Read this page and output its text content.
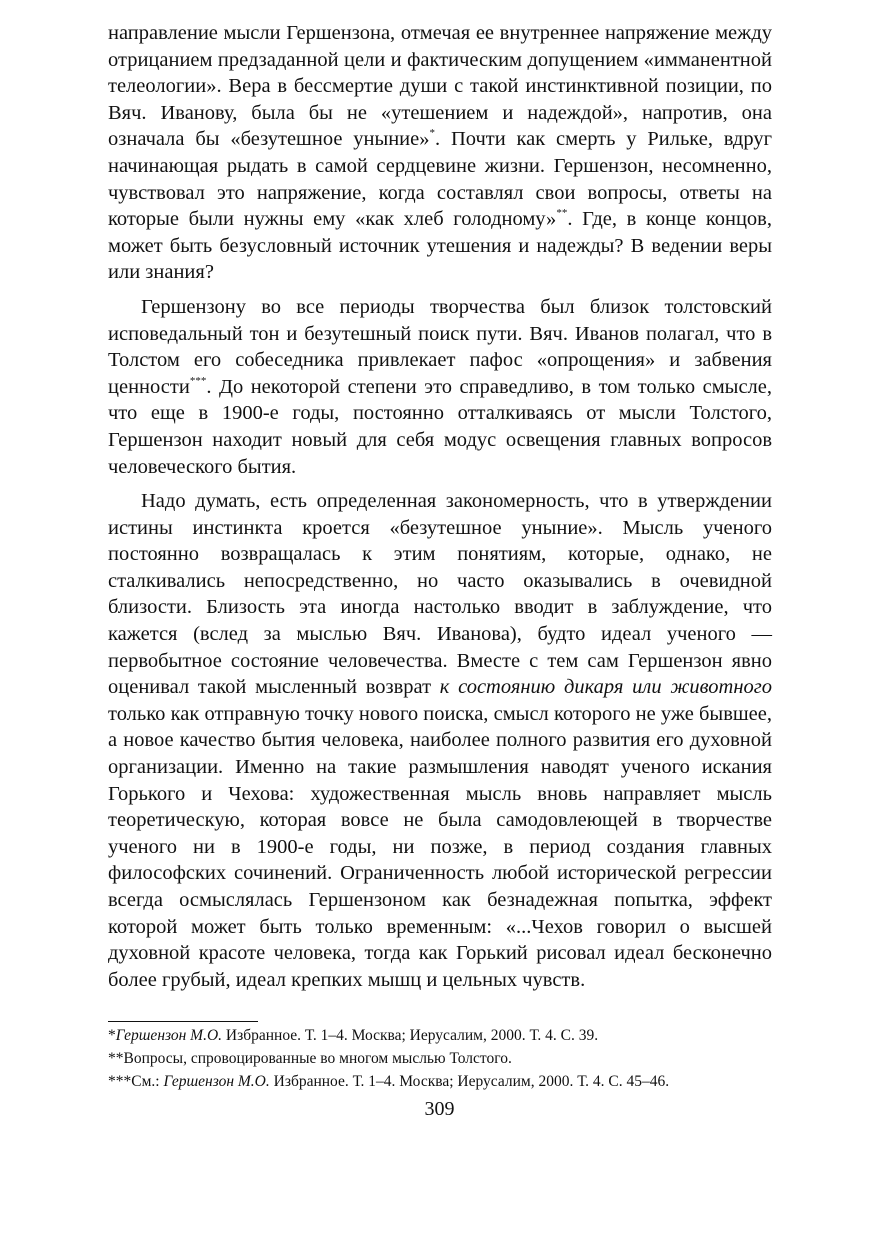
направление мысли Гершензона, отмечая ее внутреннее напряжение между отрицанием предзаданной цели и фактическим допущением «имманентной телеологии». Вера в бессмертие души с такой инстинктивной позиции, по Вяч. Иванову, была бы не «утешением и надеждой», напротив, она означала бы «безутешное уныние»*. Почти как смерть у Рильке, вдруг начинающая рыдать в самой сердцевине жизни. Гершензон, несомненно, чувствовал это напряжение, когда составлял свои вопросы, ответы на которые были нужны ему «как хлеб голодному»**. Где, в конце концов, может быть безусловный источник утешения и надежды? В ведении веры или знания?

Гершензону во все периоды творчества был близок толстовский исповедальный тон и безутешный поиск пути. Вяч. Иванов полагал, что в Толстом его собеседника привлекает пафос «опрощения» и забвения ценности***. До некоторой степени это справедливо, в том только смысле, что еще в 1900-е годы, постоянно отталкиваясь от мысли Толстого, Гершензон находит новый для себя модус освещения главных вопросов человеческого бытия.

Надо думать, есть определенная закономерность, что в утверждении истины инстинкта кроется «безутешное уныние». Мысль ученого постоянно возвращалась к этим понятиям, которые, однако, не сталкивались непосредственно, но часто оказывались в очевидной близости. Близость эта иногда настолько вводит в заблуждение, что кажется (вслед за мыслью Вяч. Иванова), будто идеал ученого — первобытное состояние человечества. Вместе с тем сам Гершензон явно оценивал такой мысленный возврат к состоянию дикаря или животного только как отправную точку нового поиска, смысл которого не уже бывшее, а новое качество бытия человека, наиболее полного развития его духовной организации. Именно на такие размышления наводят ученого искания Горького и Чехова: художественная мысль вновь направляет мысль теоретическую, которая вовсе не была самодовлеющей в творчестве ученого ни в 1900-е годы, ни позже, в период создания главных философских сочинений. Ограниченность любой исторической регрессии всегда осмыслялась Гершензоном как безнадежная попытка, эффект которой может быть только временным: «...Чехов говорил о высшей духовной красоте человека, тогда как Горький рисовал идеал бесконечно более грубый, идеал крепких мышц и цельных чувств.

*Гершензон М.О. Избранное. Т. 1–4. Москва; Иерусалим, 2000. Т. 4. С. 39.

**Вопросы, спровоцированные во многом мыслью Толстого.

***См.: Гершензон М.О. Избранное. Т. 1–4. Москва; Иерусалим, 2000. Т. 4. С. 45–46.

309
